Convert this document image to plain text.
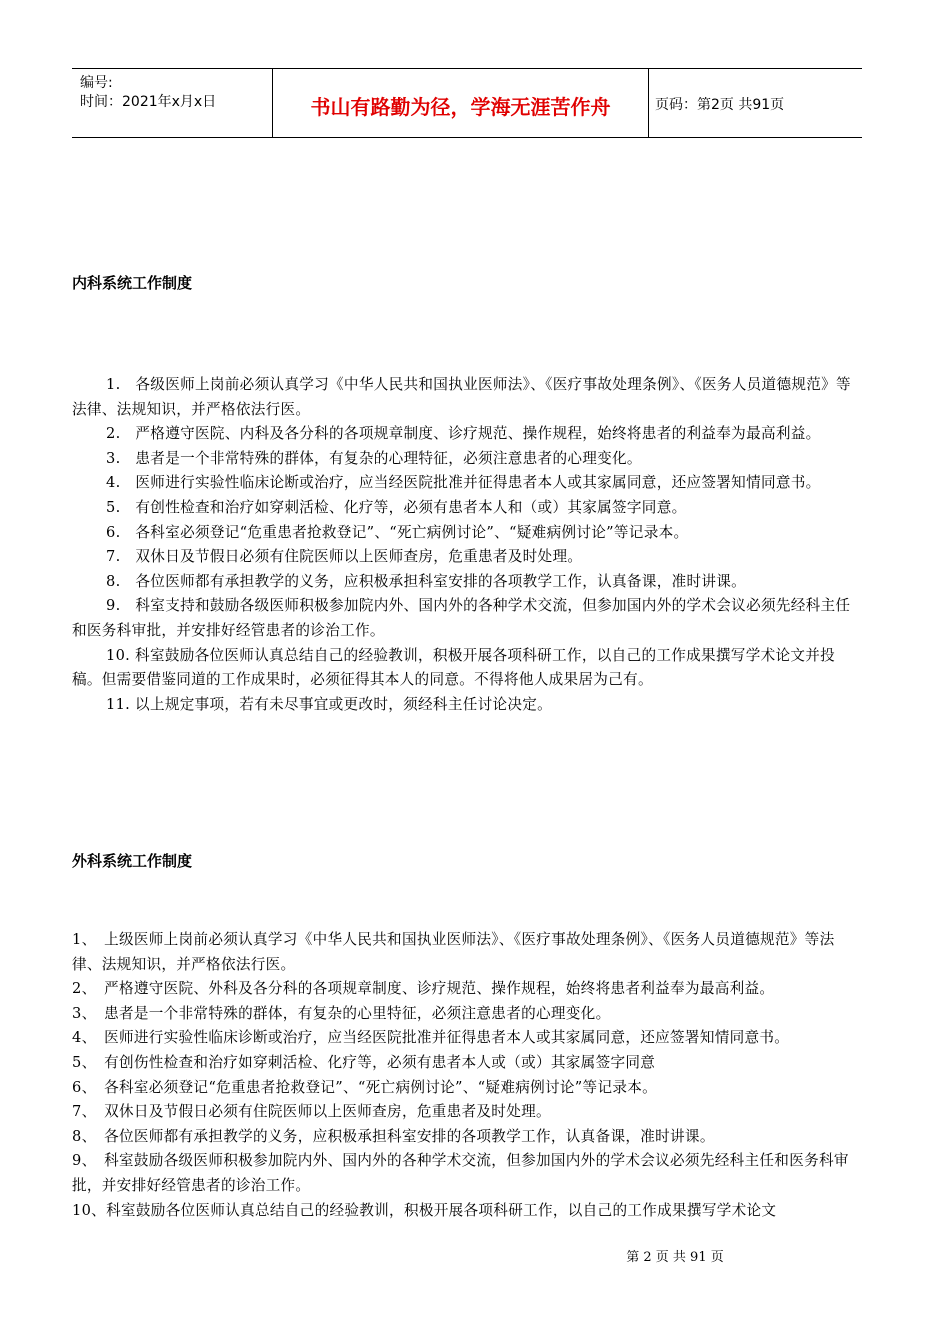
编号:
时间：2021年x月x日	书山有路勤为径，学海无涯苦作舟	页码：第2页 共91页
内科系统工作制度
1.　各级医师上岗前必须认真学习《中华人民共和国执业医师法》、《医疗事故处理条例》、《医务人员道德规范》等法律、法规知识，并严格依法行医。
2.　严格遵守医院、内科及各分科的各项规章制度、诊疗规范、操作规程，始终将患者的利益奉为最高利益。
3.　患者是一个非常特殊的群体，有复杂的心理特征，必须注意患者的心理变化。
4.　医师进行实验性临床论断或治疗，应当经医院批准并征得患者本人或其家属同意，还应签署知情同意书。
5.　有创性检查和治疗如穿刺活检、化疗等，必须有患者本人和（或）其家属签字同意。
6.　各科室必须登记“危重患者抢救登记”、“死亡病例讨论”、“疑难病例讨论”等记录本。
7.　双休日及节假日必须有住院医师以上医师查房，危重患者及时处理。
8.　各位医师都有承担教学的义务，应积极承担科室安排的各项教学工作，认真备课，准时讲课。
9.　科室支持和鼓励各级医师积极参加院内外、国内外的各种学术交流，但参加国内外的学术会议必须先经科主任和医务科审批，并安排好经管患者的诊治工作。
10. 科室鼓励各位医师认真总结自己的经验教训，积极开展各项科研工作，以自己的工作成果撰写学术论文并投稿。但需要借鉴同道的工作成果时，必须征得其本人的同意。不得将他人成果居为己有。
11. 以上规定事项，若有未尽事宜或更改时，须经科主任讨论决定。
外科系统工作制度
1、　上级医师上岗前必须认真学习《中华人民共和国执业医师法》、《医疗事故处理条例》、《医务人员道德规范》等法律、法规知识，并严格依法行医。
2、　严格遵守医院、外科及各分科的各项规章制度、诊疗规范、操作规程，始终将患者利益奉为最高利益。
3、　患者是一个非常特殊的群体，有复杂的心里特征，必须注意患者的心理变化。
4、　医师进行实验性临床诊断或治疗，应当经医院批准并征得患者本人或其家属同意，还应签署知情同意书。
5、　有创伤性检查和治疗如穿刺活检、化疗等，必须有患者本人或（或）其家属签字同意
6、　各科室必须登记“危重患者抢救登记”、“死亡病例讨论”、“疑难病例讨论”等记录本。
7、　双休日及节假日必须有住院医师以上医师查房，危重患者及时处理。
8、　各位医师都有承担教学的义务，应积极承担科室安排的各项教学工作，认真备课，准时讲课。
9、　科室鼓励各级医师积极参加院内外、国内外的各种学术交流，但参加国内外的学术会议必须先经科主任和医务科审批，并安排好经管患者的诊治工作。
10、科室鼓励各位医师认真总结自己的经验教训，积极开展各项科研工作，以自己的工作成果撰写学术论文
第 2 页 共 91 页
